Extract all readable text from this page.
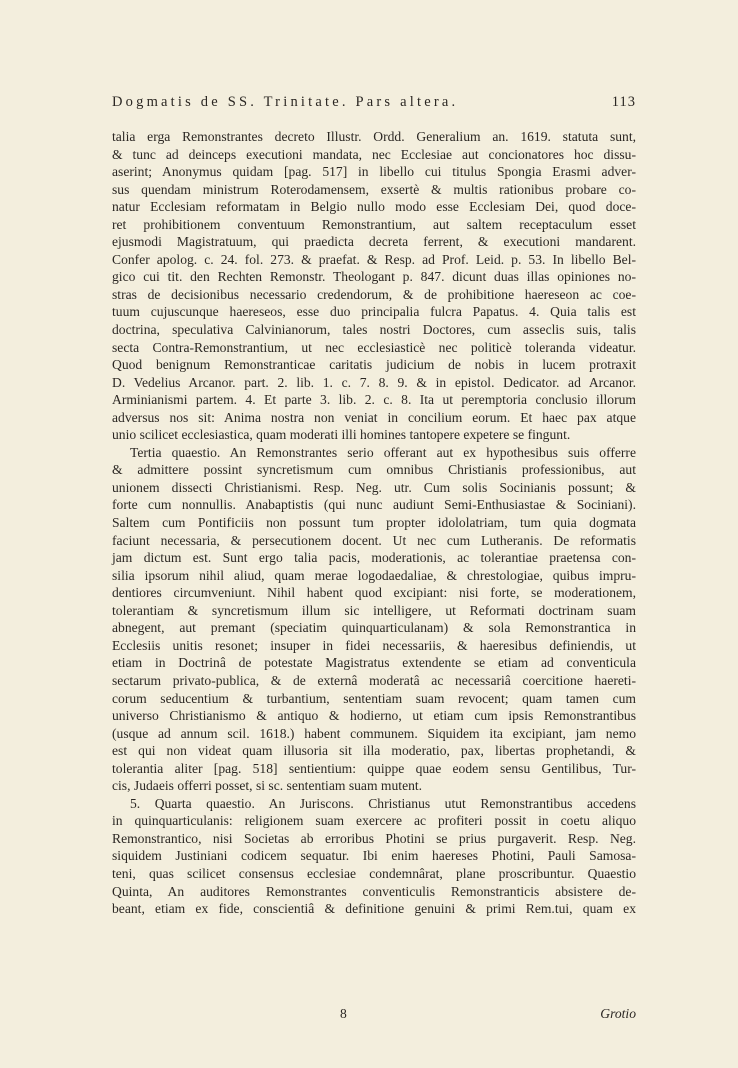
Dogmatis de SS. Trinitate. Pars altera.	113
talia erga Remonstrantes decreto Illustr. Ordd. Generalium an. 1619. statuta sunt,
& tunc ad deinceps executioni mandata, nec Ecclesiae aut concionatores hoc dissu-
aserint; Anonymus quidam [pag. 517] in libello cui titulus Spongia Erasmi adver-
sus quendam ministrum Roterodamensem, exsertè & multis rationibus probare co-
natur Ecclesiam reformatam in Belgio nullo modo esse Ecclesiam Dei, quod doce-
ret prohibitionem conventuum Remonstrantium, aut saltem receptaculum esset
ejusmodi Magistratuum, qui praedicta decreta ferrent, & executioni mandarent.
Confer apolog. c. 24. fol. 273. & praefat. & Resp. ad Prof. Leid. p. 53. In libello Bel-
gico cui tit. den Rechten Remonstr. Theologant p. 847. dicunt duas illas opiniones no-
stras de decisionibus necessario credendorum, & de prohibitione haereseon ac coe-
tuum cujuscunque haereseos, esse duo principalia fulcra Papatus. 4. Quia talis est
doctrina, speculativa Calvinianorum, tales nostri Doctores, cum asseclis suis, talis
secta Contra-Remonstrantium, ut nec ecclesiasticè nec politicè toleranda videatur.
Quod benignum Remonstranticae caritatis judicium de nobis in lucem protraxit
D. Vedelius Arcanor. part. 2. lib. 1. c. 7. 8. 9. & in epistol. Dedicator. ad Arcanor.
Arminianismi partem. 4. Et parte 3. lib. 2. c. 8. Ita ut peremptoria conclusio illorum
adversus nos sit: Anima nostra non veniat in concilium eorum. Et haec pax atque
unio scilicet ecclesiastica, quam moderati illi homines tantopere expetere se fingunt.
Tertia quaestio. An Remonstrantes serio offerant aut ex hypothesibus suis offerre
& admittere possint syncretismum cum omnibus Christianis professionibus, aut
unionem dissecti Christianismi. Resp. Neg. utr. Cum solis Socinianis possunt; &
forte cum nonnullis. Anabaptistis (qui nunc audiunt Semi-Enthusiastae & Sociniani).
Saltem cum Pontificiis non possunt tum propter idololatriam, tum quia dogmata
faciunt necessaria, & persecutionem docent. Ut nec cum Lutheranis. De reformatis
jam dictum est. Sunt ergo talia pacis, moderationis, ac tolerantiae praetensa con-
silia ipsorum nihil aliud, quam merae logodaedaliae, & chrestologiae, quibus impru-
dentiores circumveniunt. Nihil habent quod excipiant: nisi forte, se moderationem,
tolerantiam & syncretismum illum sic intelligere, ut Reformati doctrinam suam
abnegent, aut premant (speciatim quinquarticulanam) & sola Remonstrantica in
Ecclesiis unitis resonet; insuper in fidei necessariis, & haeresibus definiendis, ut
etiam in Doctrinâ de potestate Magistratus extendente se etiam ad conventicula
sectarum privato-publica, & de externâ moderatâ ac necessariâ coercitione haereti-
corum seducentium & turbantium, sententiam suam revocent; quam tamen cum
universo Christianismo & antiquo & hodierno, ut etiam cum ipsis Remonstrantibus
(usque ad annum scil. 1618.) habent communem. Siquidem ita excipiant, jam nemo
est qui non videat quam illusoria sit illa moderatio, pax, libertas prophetandi, &
tolerantia aliter [pag. 518] sentientium: quippe quae eodem sensu Gentilibus, Tur-
cis, Judaeis offerri posset, si sc. sententiam suam mutent.
5. Quarta quaestio. An Juriscons. Christianus utut Remonstrantibus accedens
in quinquarticulanis: religionem suam exercere ac profiteri possit in coetu aliquo
Remonstrantico, nisi Societas ab erroribus Photini se prius purgaverit. Resp. Neg.
siquidem Justiniani codicem sequatur. Ibi enim haereses Photini, Pauli Samosa-
teni, quas scilicet consensus ecclesiae condemnârat, plane proscribuntur. Quaestio
Quinta, An auditores Remonstrantes conventiculis Remonstranticis absistere de-
beant, etiam ex fide, conscientiâ & definitione genuini & primi Rem.tui, quam ex
8	Grotio
